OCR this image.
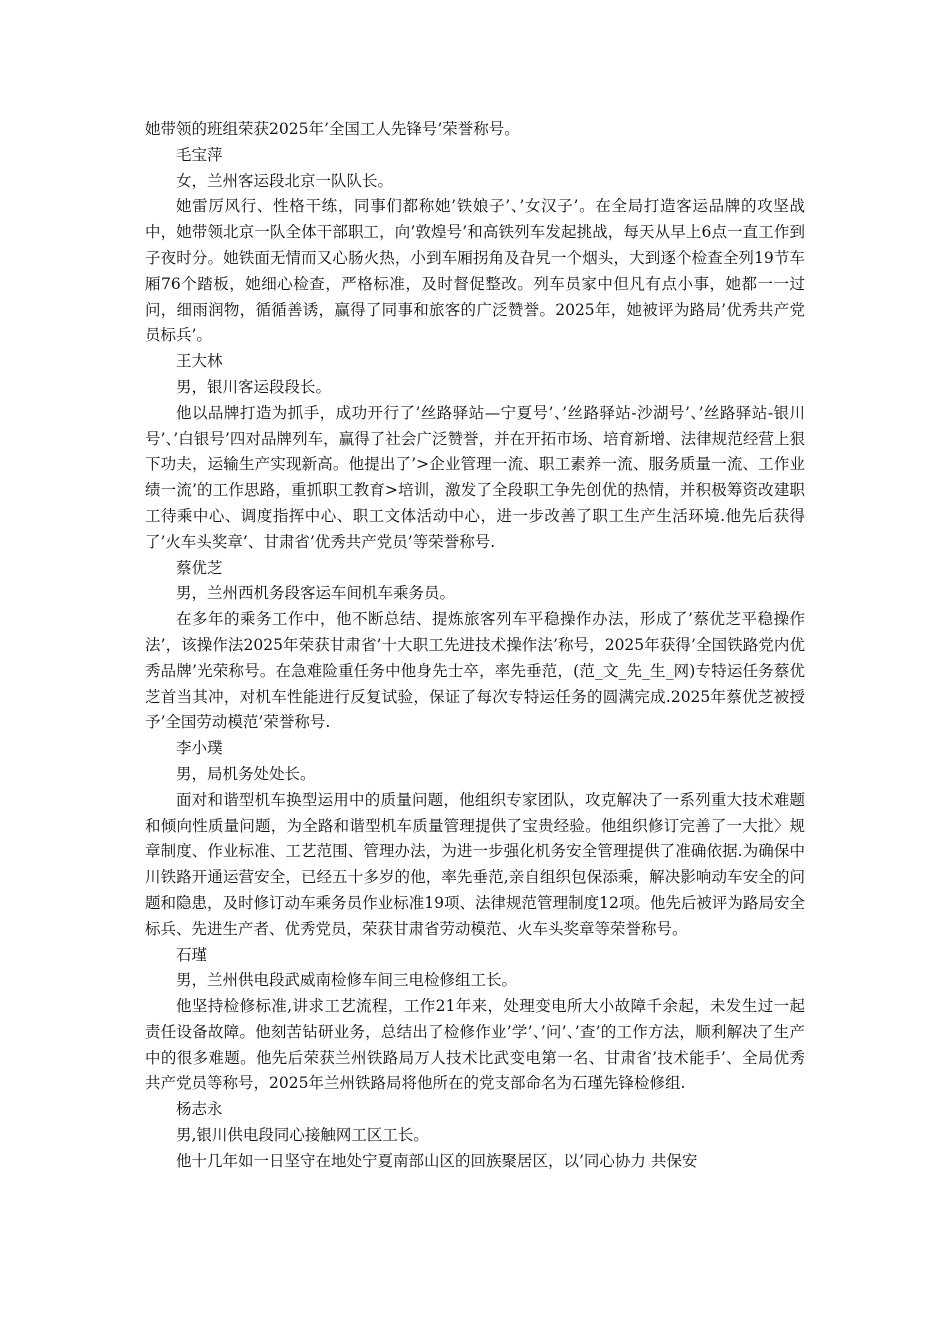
她带领的班组荣获2025年’全国工人先锋号’荣誉称号。

毛宝萍

女，兰州客运段北京一队队长。

她雷厉风行、性格干练，同事们都称她’铁娘子’、’女汉子’。在全局打造客运品牌的攻坚战中，她带领北京一队全体干部职工，向’敦煌号’和高铁列车发起挑战，每天从早上6点一直工作到子夜时分。她铁面无情而又心肠火热，小到车厢拐角及旮旯一个烟头，大到逐个检查全列19节车厢76个踏板，她细心检查，严格标准，及时督促整改。列车员家中但凡有点小事，她都一一过问，细雨润物，循循善诱，赢得了同事和旅客的广泛赞誉。2025年，她被评为路局’优秀共产党员标兵’。

王大林

男，银川客运段段长。

他以品牌打造为抓手，成功开行了’丝路驿站—宁夏号’、’丝路驿站-沙湖号’、’丝路驿站-银川号’、’白银号’四对品牌列车，赢得了社会广泛赞誉，并在开拓市场、培育新增、法律规范经营上狠下功夫，运输生产实现新高。他提出了’>企业管理一流、职工素养一流、服务质量一流、工作业绩一流’的工作思路，重抓职工教育>培训，激发了全段职工争先创优的热情，并积极筹资改建职工待乘中心、调度指挥中心、职工文体活动中心，进一步改善了职工生产生活环境.他先后获得了’火车头奖章’、甘肃省’优秀共产党员’等荣誉称号.

蔡优芝

男，兰州西机务段客运车间机车乘务员。

在多年的乘务工作中，他不断总结、提炼旅客列车平稳操作办法，形成了’蔡优芝平稳操作法’，该操作法2025年荣获甘肃省’十大职工先进技术操作法’称号，2025年获得’全国铁路党内优秀品牌’光荣称号。在急难险重任务中他身先士卒，率先垂范，(范_文_先_生_网)专特运任务蔡优芝首当其冲，对机车性能进行反复试验，保证了每次专特运任务的圆满完成.2025年蔡优芝被授予’全国劳动模范’荣誉称号.

李小璞

男，局机务处处长。

面对和谐型机车换型运用中的质量问题，他组织专家团队，攻克解决了一系列重大技术难题和倾向性质量问题，为全路和谐型机车质量管理提供了宝贵经验。他组织修订完善了一大批〉规章制度、作业标准、工艺范围、管理办法，为进一步强化机务安全管理提供了准确依据.为确保中川铁路开通运营安全，已经五十多岁的他，率先垂范,亲自组织包保添乘，解决影响动车安全的问题和隐患，及时修订动车乘务员作业标准19项、法律规范管理制度12项。他先后被评为路局安全标兵、先进生产者、优秀党员，荣获甘肃省劳动模范、火车头奖章等荣誉称号。

石瑾

男，兰州供电段武威南检修车间三电检修组工长。

他坚持检修标准,讲求工艺流程，工作21年来，处理变电所大小故障千余起，未发生过一起责任设备故障。他刻苦钻研业务，总结出了检修作业’学’、’问’、’查’的工作方法，顺利解决了生产中的很多难题。他先后荣获兰州铁路局万人技术比武变电第一名、甘肃省’技术能手’、全局优秀共产党员等称号，2025年兰州铁路局将他所在的党支部命名为石瑾先锋检修组.

杨志永

男,银川供电段同心接触网工区工长。

他十几年如一日坚守在地处宁夏南部山区的回族聚居区，以’同心协力 共保安
